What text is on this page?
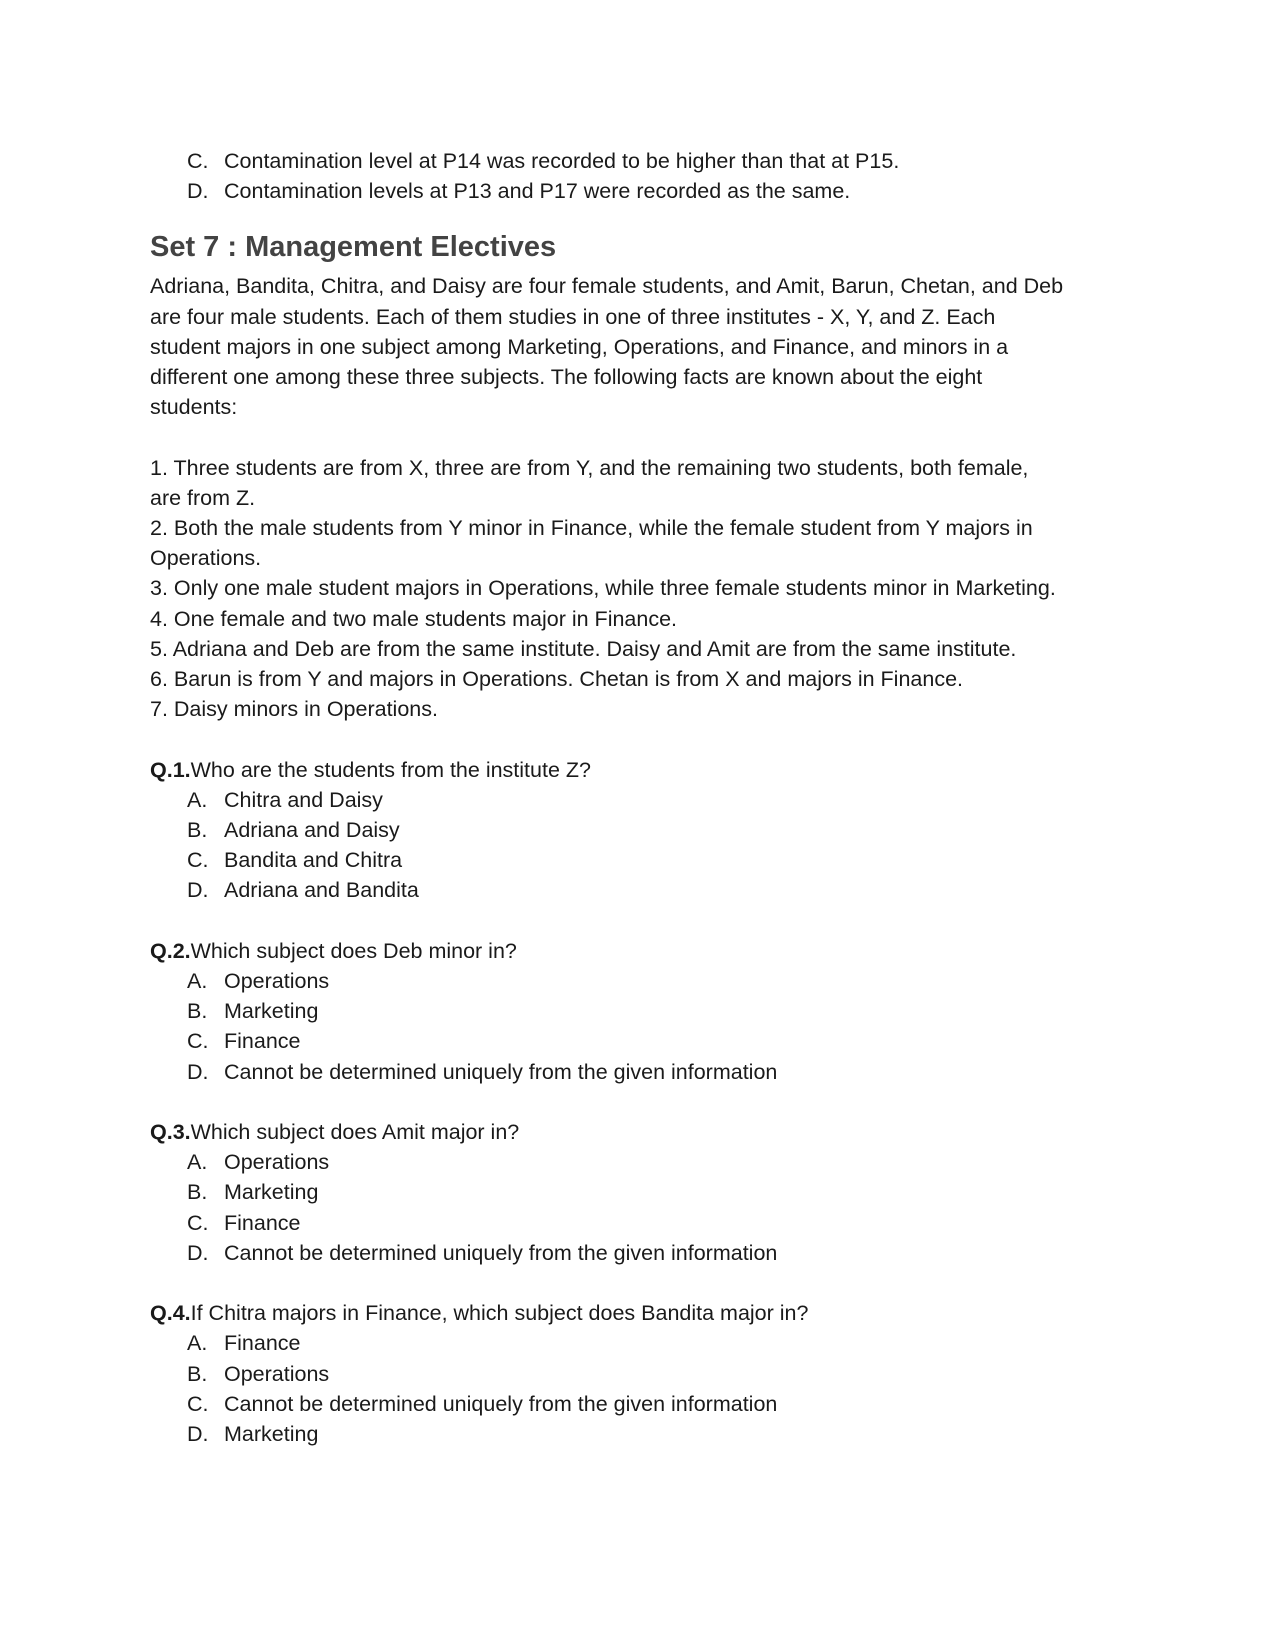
C. Contamination level at P14 was recorded to be higher than that at P15.
D. Contamination levels at P13 and P17 were recorded as the same.
Set 7 : Management Electives
Adriana, Bandita, Chitra, and Daisy are four female students, and Amit, Barun, Chetan, and Deb
are four male students. Each of them studies in one of three institutes - X, Y, and Z. Each
student majors in one subject among Marketing, Operations, and Finance, and minors in a
different one among these three subjects. The following facts are known about the eight
students:
1. Three students are from X, three are from Y, and the remaining two students, both female,
are from Z.
2. Both the male students from Y minor in Finance, while the female student from Y majors in
Operations.
3. Only one male student majors in Operations, while three female students minor in Marketing.
4. One female and two male students major in Finance.
5. Adriana and Deb are from the same institute. Daisy and Amit are from the same institute.
6. Barun is from Y and majors in Operations. Chetan is from X and majors in Finance.
7. Daisy minors in Operations.
Q.1.Who are the students from the institute Z?
A. Chitra and Daisy
B. Adriana and Daisy
C. Bandita and Chitra
D. Adriana and Bandita
Q.2.Which subject does Deb minor in?
A. Operations
B. Marketing
C. Finance
D. Cannot be determined uniquely from the given information
Q.3.Which subject does Amit major in?
A. Operations
B. Marketing
C. Finance
D. Cannot be determined uniquely from the given information
Q.4.If Chitra majors in Finance, which subject does Bandita major in?
A. Finance
B. Operations
C. Cannot be determined uniquely from the given information
D. Marketing
